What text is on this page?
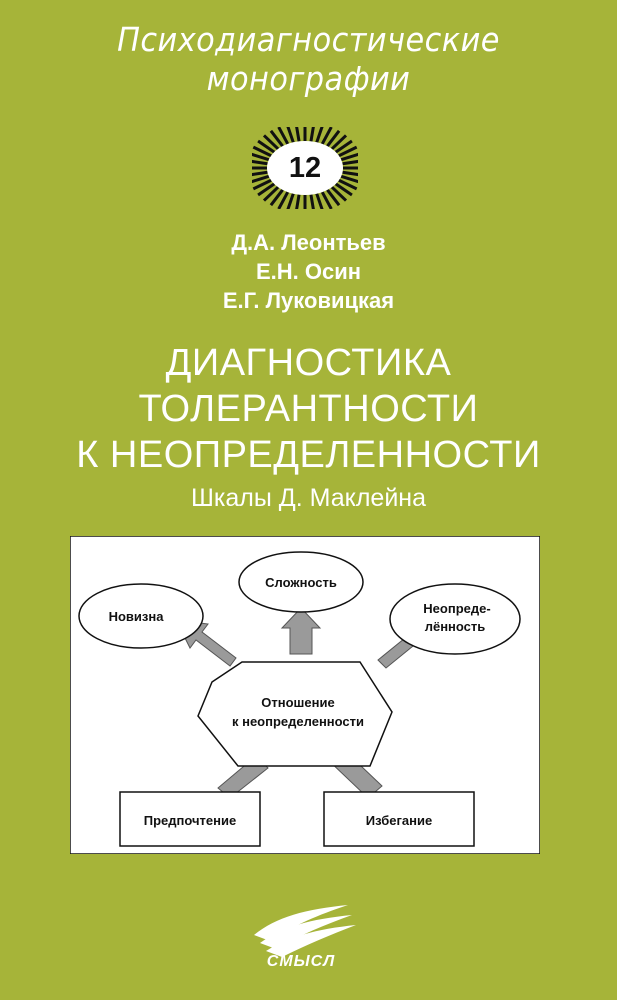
Психодиагностические монографии
12
Д.А. Леонтьев
Е.Н. Осин
Е.Г. Луковицкая
ДИАГНОСТИКА
ТОЛЕРАНТНОСТИ
К НЕОПРЕДЕЛЕННОСТИ
Шкалы Д. Маклейна
Сложность
Новизна
Неопреде-
лённость
Отношение
к неопределенности
Предпочтение	Избегание
СМЫСЛ
